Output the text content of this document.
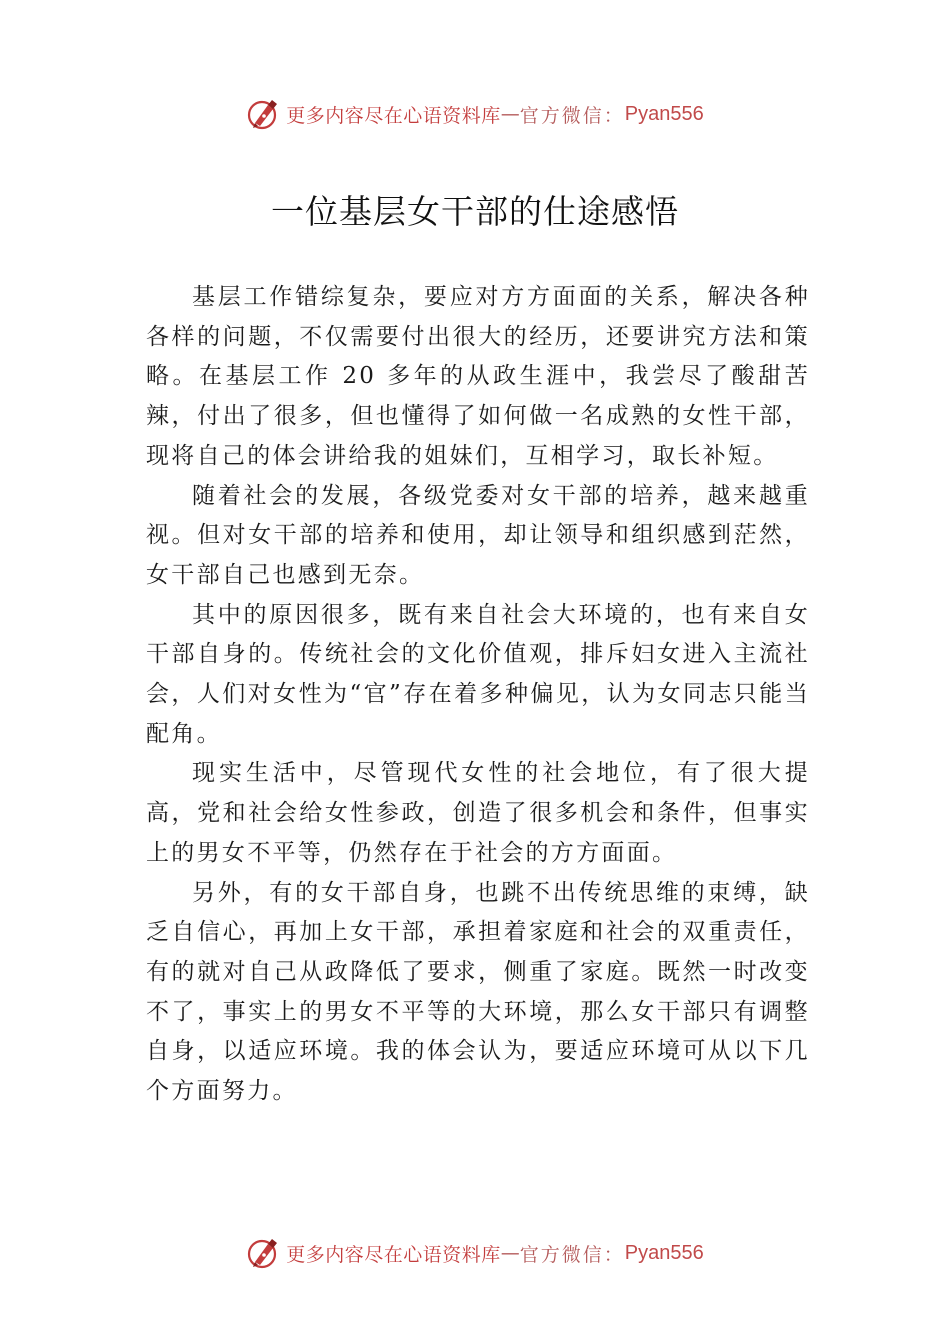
更多内容尽在心语资料库 — 官方微信： Pyan556
一位基层女干部的仕途感悟

基层工作错综复杂，要应对方方面面的关系，解决各种各样的问题，不仅需要付出很大的经历，还要讲究方法和策略。在基层工作 20 多年的从政生涯中，我尝尽了酸甜苦辣，付出了很多，但也懂得了如何做一名成熟的女性干部，现将自己的体会讲给我的姐妹们，互相学习，取长补短。

随着社会的发展，各级党委对女干部的培养，越来越重视。但对女干部的培养和使用，却让领导和组织感到茫然， 女干部自己也感到无奈。

其中的原因很多，既有来自社会大环境的，也有来自女干部自身的。传统社会的文化价值观，排斥妇女进入主流社会，人们对女性为“官”存在着多种偏见，认为女同志只能当配角。

现实生活中，尽管现代女性的社会地位，有了很大提高，党和社会给女性参政，创造了很多机会和条件，但事实上的男女不平等，仍然存在于社会的方方面面。

另外，有的女干部自身，也跳不出传统思维的束缚，缺乏自信心，再加上女干部，承担着家庭和社会的双重责任， 有的就对自己从政降低了要求，侧重了家庭。既然一时改变不了，事实上的男女不平等的大环境，那么女干部只有调整自身，以适应环境。我的体会认为，要适应环境可从以下几个方面努力。

更多内容尽在心语资料库 — 官方微信： Pyan556
